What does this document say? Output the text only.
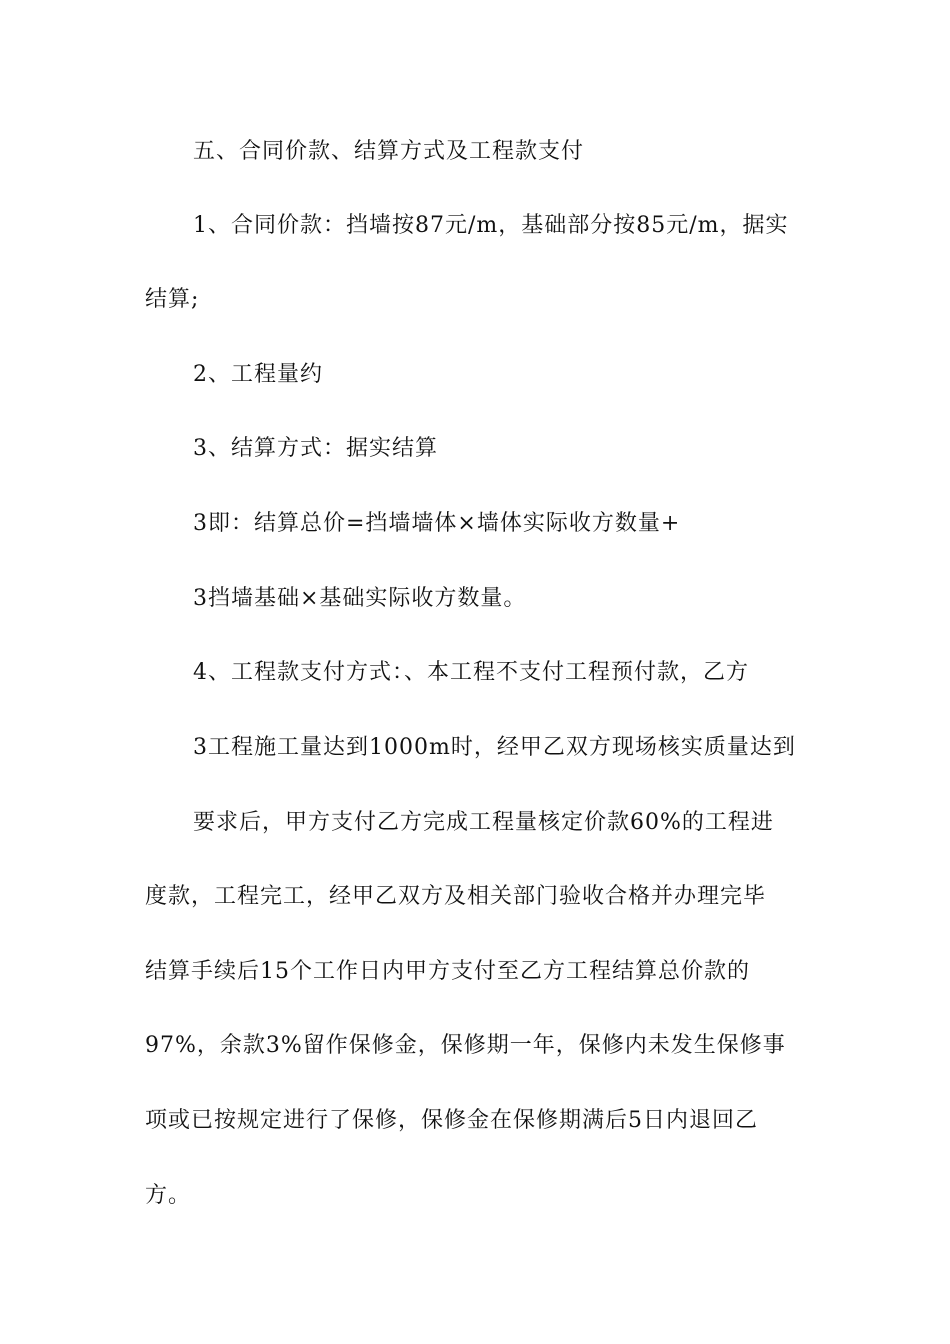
五、合同价款、结算方式及工程款支付
1、合同价款：挡墙按87元/m，基础部分按85元/m，据实
结算;
2、工程量约
3、结算方式：据实结算
3即：结算总价=挡墙墙体×墙体实际收方数量+
3挡墙基础×基础实际收方数量。
4、工程款支付方式：、本工程不支付工程预付款，乙方
3工程施工量达到1000m时，经甲乙双方现场核实质量达到
要求后，甲方支付乙方完成工程量核定价款60%的工程进
度款，工程完工，经甲乙双方及相关部门验收合格并办理完毕
结算手续后15个工作日内甲方支付至乙方工程结算总价款的
97%，余款3%留作保修金，保修期一年，保修内未发生保修事
项或已按规定进行了保修，保修金在保修期满后5日内退回乙
方。
